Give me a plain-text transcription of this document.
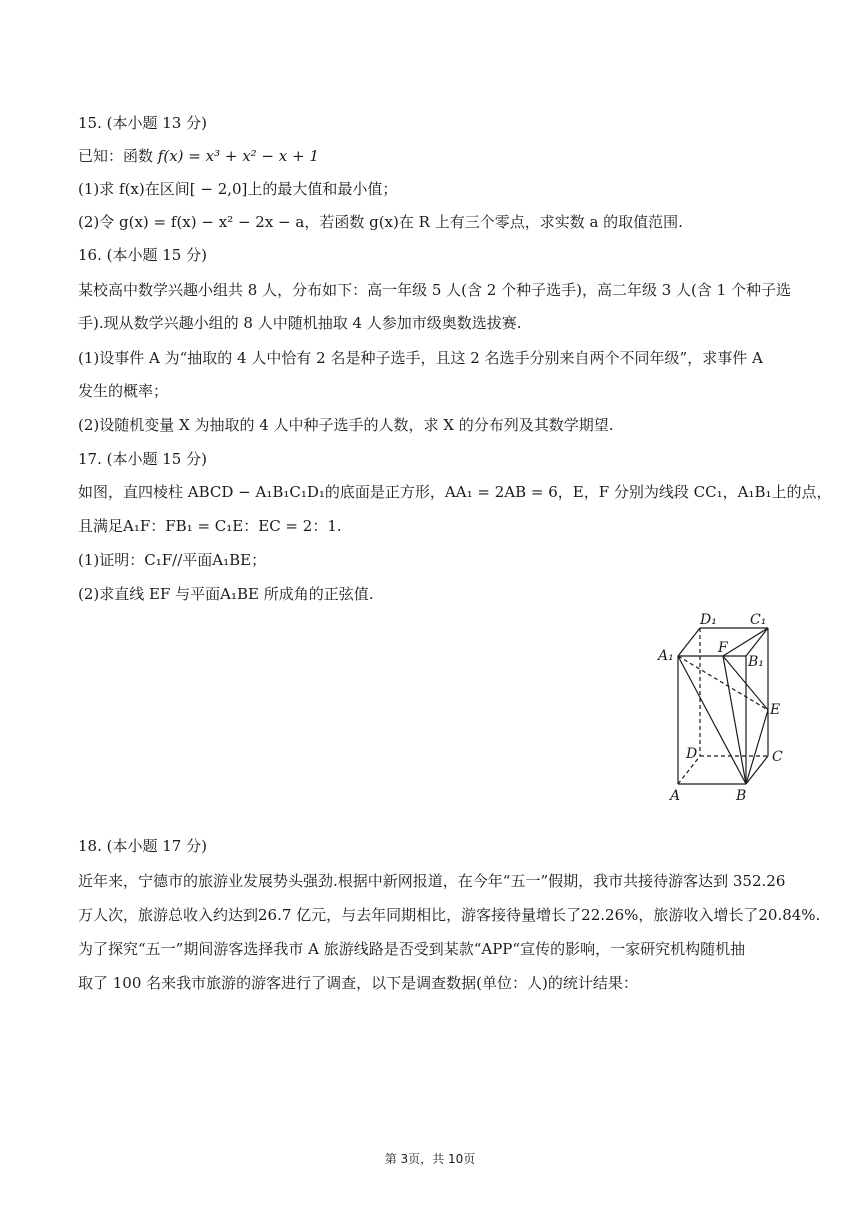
15. (本小题 13 分)
已知：函数 f(x) = x³ + x² − x + 1
(1)求 f(x)在区间[ − 2,0]上的最大值和最小值；
(2)令 g(x) = f(x) − x² − 2x − a，若函数 g(x)在 R 上有三个零点，求实数 a 的取值范围.
16. (本小题 15 分)
某校高中数学兴趣小组共 8 人，分布如下：高一年级 5 人(含 2 个种子选手)，高二年级 3 人(含 1 个种子选
手).现从数学兴趣小组的 8 人中随机抽取 4 人参加市级奥数选拔赛.
(1)设事件 A 为“抽取的 4 人中恰有 2 名是种子选手，且这 2 名选手分别来自两个不同年级”，求事件 A
发生的概率；
(2)设随机变量 X 为抽取的 4 人中种子选手的人数，求 X 的分布列及其数学期望.
17. (本小题 15 分)
如图，直四棱柱 ABCD − A₁B₁C₁D₁的底面是正方形，AA₁ = 2AB = 6，E，F 分别为线段 CC₁，A₁B₁上的点，
且满足A₁F：FB₁ = C₁E：EC = 2：1.
(1)证明：C₁F//平面A₁BE；
(2)求直线 EF 与平面A₁BE 所成角的正弦值.
D₁ C₁
A₁	F
B₁
E
D	C
A	B
18. (本小题 17 分)
近年来，宁德市的旅游业发展势头强劲.根据中新网报道，在今年“五一”假期，我市共接待游客达到 352.26
万人次，旅游总收入约达到26.7 亿元，与去年同期相比，游客接待量增长了22.26%，旅游收入增长了20.84%.
为了探究“五一”期间游客选择我市 A 旅游线路是否受到某款“APP“宣传的影响，一家研究机构随机抽
取了 100 名来我市旅游的游客进行了调查，以下是调查数据(单位：人)的统计结果：
第 3页，共 10页
